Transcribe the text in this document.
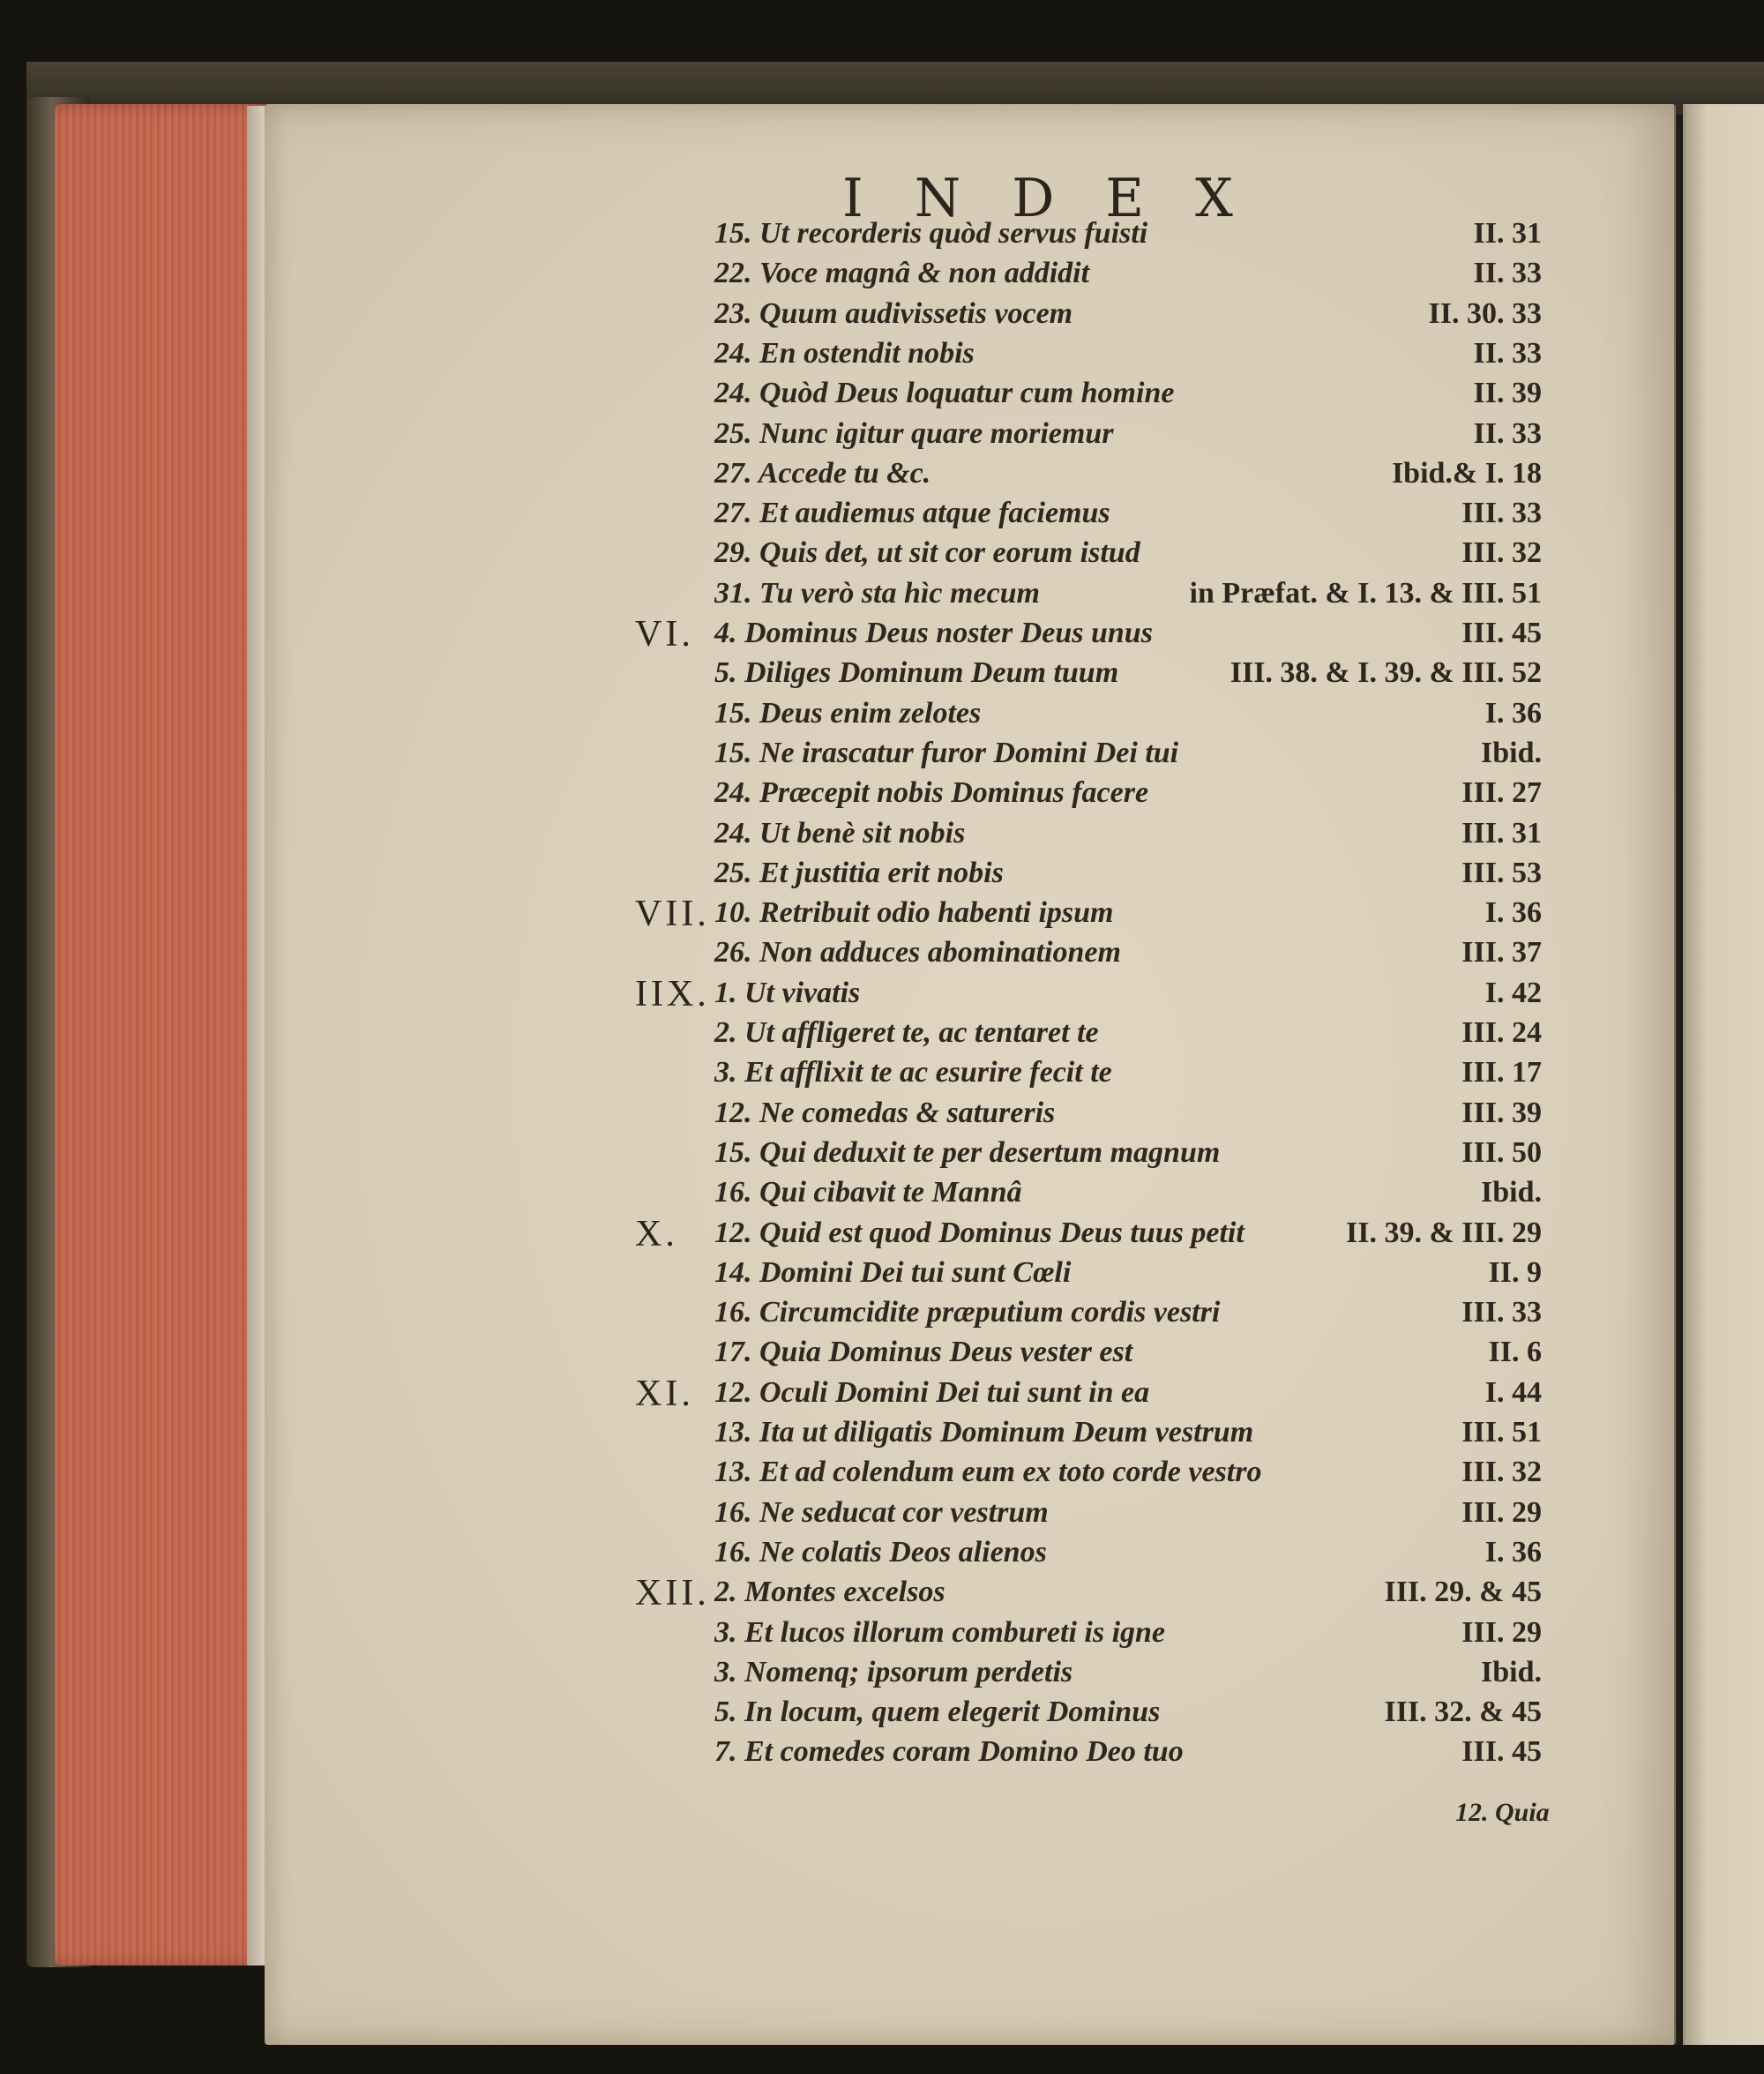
INDEX
15. Ut recorderis quòd servus fuisti	II. 31
22. Voce magnâ & non addidit	II. 33
23. Quum audivissetis vocem	II. 30. 33
24. En ostendit nobis	II. 33
24. Quòd Deus loquatur cum homine	II. 39
25. Nunc igitur quare moriemur	II. 33
27. Accede tu &c.	Ibid.& I. 18
27. Et audiemus atque faciemus	III. 33
29. Quis det, ut sit cor eorum istud	III. 32
31. Tu verò sta hìc mecum	in Præfat. & I. 13. & III. 51
VI. 4. Dominus Deus noster Deus unus	III. 45
5. Diliges Dominum Deum tuum	III. 38. & I. 39. & III. 52
15. Deus enim zelotes	I. 36
15. Ne irascatur furor Domini Dei tui	Ibid.
24. Præcepit nobis Dominus facere	III. 27
24. Ut benè sit nobis	III. 31
25. Et justitia erit nobis	III. 53
VII. 10. Retribuit odio habenti ipsum	I. 36
26. Non adduces abominationem	III. 37
IIX. 1. Ut vivatis	I. 42
2. Ut affligeret te, ac tentaret te	III. 24
3. Et afflixit te ac esurire fecit te	III. 17
12. Ne comedas & satureris	III. 39
15. Qui deduxit te per desertum magnum	III. 50
16. Qui cibavit te Mannâ	Ibid.
X. 12. Quid est quod Dominus Deus tuus petit	II. 39. & III. 29
14. Domini Dei tui sunt Cœli	II. 9
16. Circumcidite præputium cordis vestri	III. 33
17. Quia Dominus Deus vester est	II. 6
XI. 12. Oculi Domini Dei tui sunt in ea	I. 44
13. Ita ut diligatis Dominum Deum vestrum	III. 51
13. Et ad colendum eum ex toto corde vestro	III. 32
16. Ne seducat cor vestrum	III. 29
16. Ne colatis Deos alienos	I. 36
XII. 2. Montes excelsos	III. 29. & 45
3. Et lucos illorum combureti is igne	III. 29
3. Nomenq; ipsorum perdetis	Ibid.
5. In locum, quem elegerit Dominus	III. 32. & 45
7. Et comedes coram Domino Deo tuo	III. 45
12. Quia
